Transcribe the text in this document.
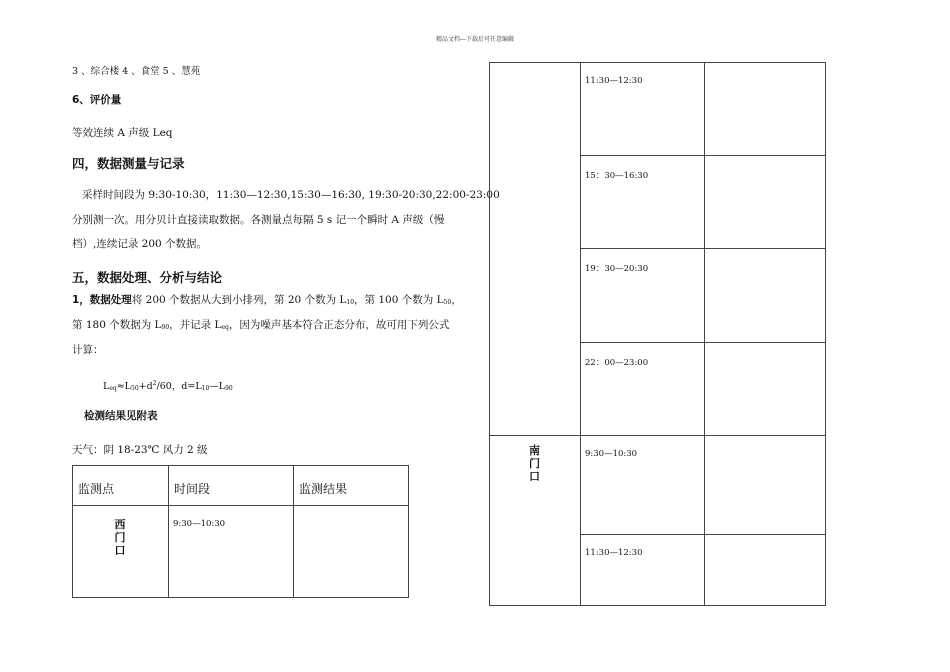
精品文档---下载后可任意编辑
3 、综合楼 4 、食堂 5 、慧苑
6、评价量
等效连续 A 声级 Leq
四，数据测量与记录
采样时间段为 9:30-10:30，11:30—12:30,15:30—16:30, 19:30-20:30,22:00-23:00
分别测一次。用分贝计直接读取数据。各测量点每隔 5 s 记一个瞬时 A 声级（慢
档）,连续记录 200 个数据。
五，数据处理、分析与结论
1，数据处理将 200 个数据从大到小排列，第 20 个数为 $L_{10}$，第 100 个数为 $L_{50}$，
第 180 个数据为 $L_{90}$，并记录 $L_{eq}$，因为噪声基本符合正态分布，故可用下列公式
计算：
$L_{eq}\approx L_{50}+d^2/60$，$d=L_{10}—L_{90}$
检测结果见附表
天气：阴 18-23℃ 风力 2 级
监测点	时间段	监测结果

西门口	9:30—10:30	
	11:30—12:30	
	15：30—16:30	
	19：30—20:30	
	22：00—23:00	

南门口	9:30—10:30	
	11:30—12:30	
